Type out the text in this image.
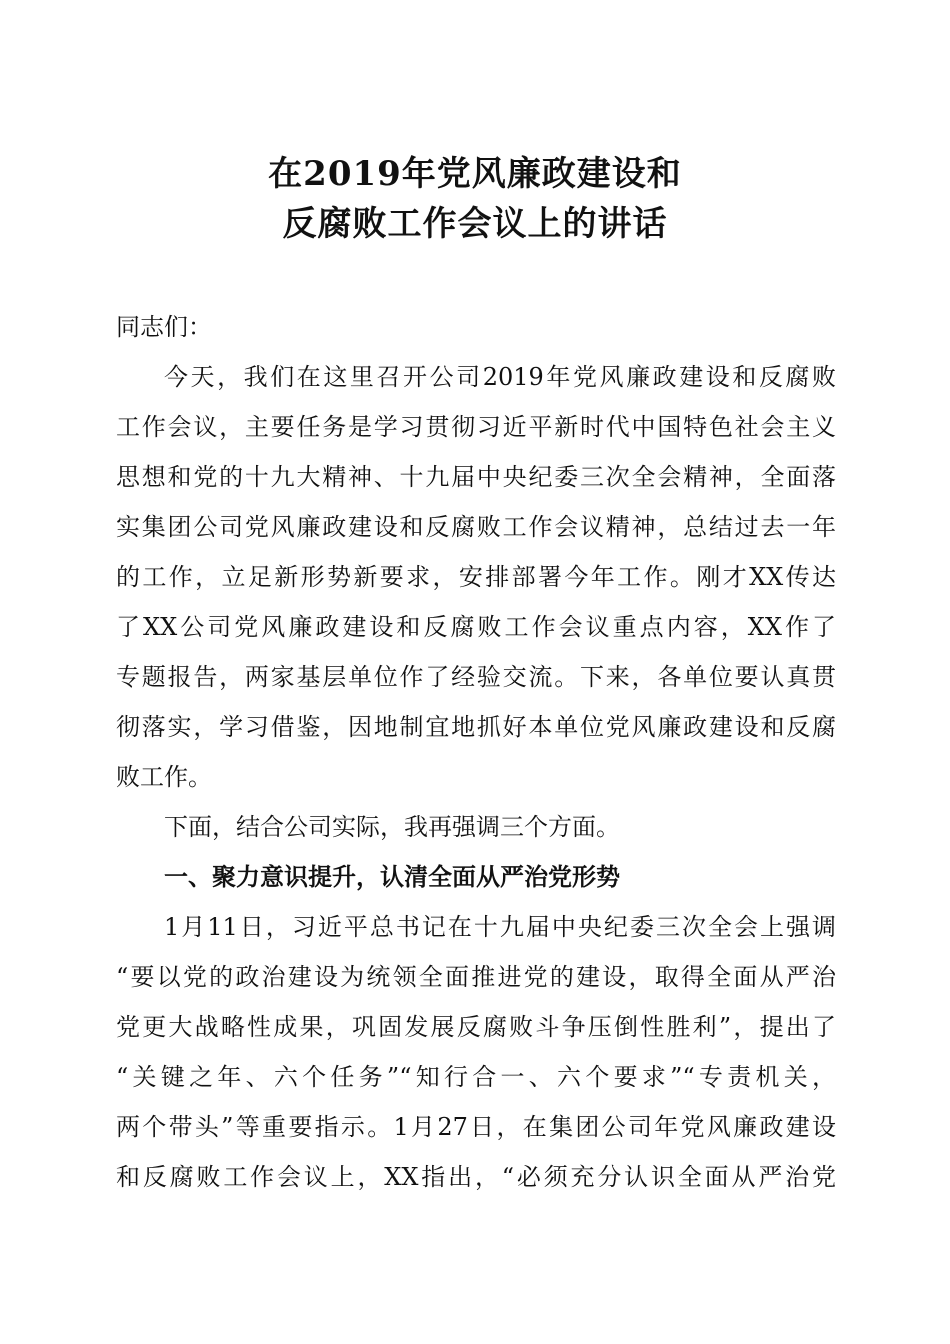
在2019年党风廉政建设和
反腐败工作会议上的讲话
同志们：
今天，我们在这里召开公司2019年党风廉政建设和反腐败
工作会议，主要任务是学习贯彻习近平新时代中国特色社会主义
思想和党的十九大精神、十九届中央纪委三次全会精神，全面落
实集团公司党风廉政建设和反腐败工作会议精神，总结过去一年
的工作，立足新形势新要求，安排部署今年工作。刚才XX传达
了XX公司党风廉政建设和反腐败工作会议重点内容，XX作了
专题报告，两家基层单位作了经验交流。下来，各单位要认真贯
彻落实，学习借鉴，因地制宜地抓好本单位党风廉政建设和反腐
败工作。
下面，结合公司实际，我再强调三个方面。
一、聚力意识提升，认清全面从严治党形势
1月11日，习近平总书记在十九届中央纪委三次全会上强调
“要以党的政治建设为统领全面推进党的建设，取得全面从严治
党更大战略性成果，巩固发展反腐败斗争压倒性胜利”，提出了
“关键之年、六个任务”“知行合一、六个要求”“专责机关，
两个带头”等重要指示。1月27日，在集团公司年党风廉政建设
和反腐败工作会议上，XX指出，“必须充分认识全面从严治党
